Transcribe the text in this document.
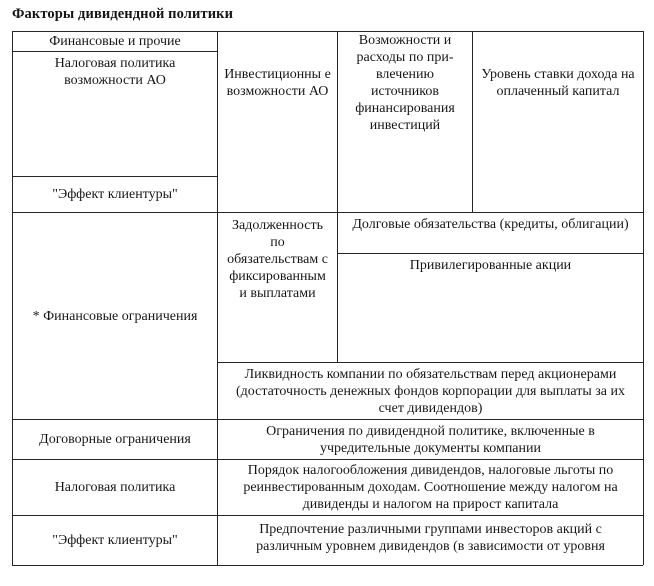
Факторы дивидендной политики
Финансовые и прочие
Налоговая политика возможности АО
"Эффект клиентуры"
Инвестиционны е возможности АО
Возможности и расходы по при-влечению источников финансирования инвестиций
Уровень ставки дохода на оплаченный капитал
* Финансовые ограничения
Задолженность по обязательствам с фиксированным и выплатами
Долговые обязательства (кредиты, облигации)
Привилегированные акции
Ликвидность компании по обязательствам перед акционерами (достаточность денежных фондов корпорации для выплаты за их счет дивидендов)
Договорные ограничения
Ограничения по дивидендной политике, включенные в учредительные документы компании
Налоговая политика
Порядок налогообложения дивидендов, налоговые льготы по реинвестированным доходам. Соотношение между налогом на дивиденды и налогом на прирост капитала
"Эффект клиентуры"
Предпочтение различными группами инвесторов акций с различным уровнем дивидендов (в зависимости от уровня
